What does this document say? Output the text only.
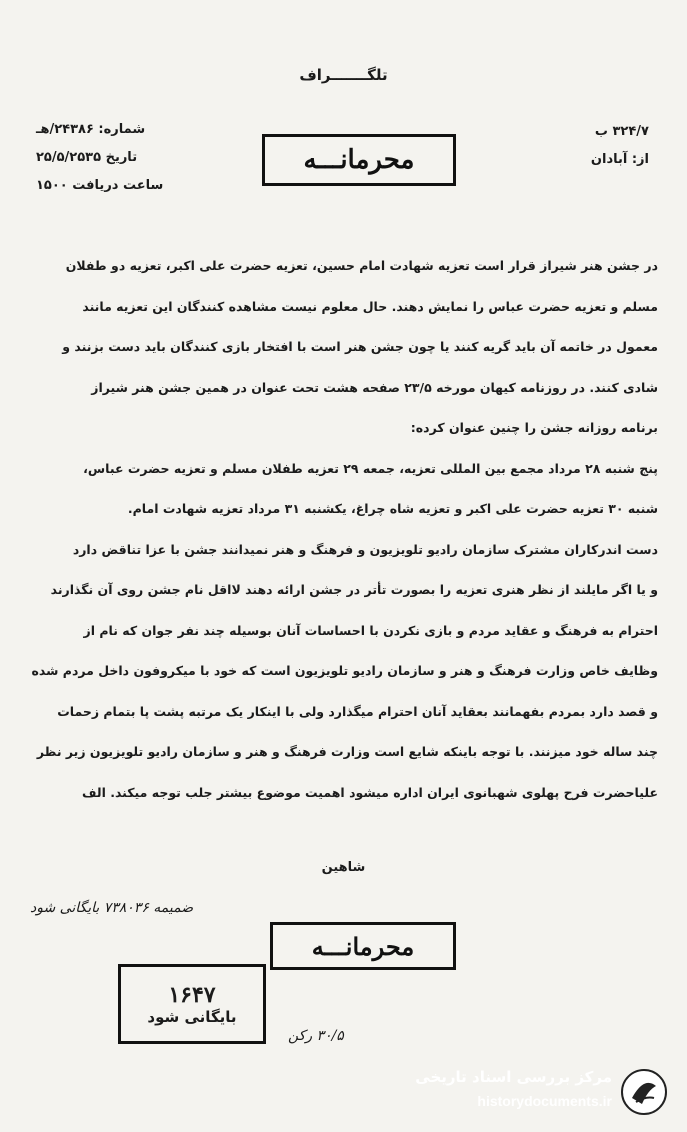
تلگـــــــراف
شماره: ۲۴۳۸۶/هـ
تاریخ ۲۵/۵/۲۵۳۵
ساعت دریافت ۱۵۰۰
۳۲۴/۷ ب
از: آبادان
محرمانـــه
در جشن هنر شیراز قرار است تعزیه شهادت امام حسین، تعزیه حضرت علی اکبر، تعزیه دو طفلان
مسلم و تعزیه حضرت عباس را نمایش دهند. حال معلوم نیست مشاهده کنندگان این تعزیه مانند
معمول در خاتمه آن باید گریه کنند یا چون جشن هنر است با افتخار بازی کنندگان باید دست بزنند و
شادی کنند. در روزنامه کیهان مورخه ۲۳/۵ صفحه هشت تحت عنوان در همین جشن هنر شیراز
برنامه روزانه جشن را چنین عنوان کرده:
پنج شنبه ۲۸ مرداد مجمع بین المللی تعزیه، جمعه ۲۹ تعزیه طفلان مسلم و تعزیه حضرت عباس،
شنبه ۳۰ تعزیه حضرت علی اکبر و تعزیه شاه چراغ، یکشنبه ۳۱ مرداد تعزیه شهادت امام.
دست اندرکاران مشترک سازمان رادیو تلویزیون و فرهنگ و هنر نمیدانند جشن با عزا تناقض دارد
و یا اگر مایلند از نظر هنری تعزیه را بصورت تأتر در جشن ارائه دهند لااقل نام جشن روی آن نگذارند
احترام به فرهنگ و عقاید مردم و بازی نکردن با احساسات آنان بوسیله چند نفر جوان که نام از
وظایف خاص وزارت فرهنگ و هنر و سازمان رادیو تلویزیون است که خود با میکروفون داخل مردم شده
و قصد دارد بمردم بفهمانند بعقاید آنان احترام میگذارد ولی با اینکار یک مرتبه پشت پا بتمام زحمات
چند ساله خود میزنند. با توجه باینکه شایع است وزارت فرهنگ و هنر و سازمان رادیو تلویزیون زیر نظر
علیاحضرت فرح پهلوی شهبانوی ایران اداره میشود اهمیت موضوع بیشتر جلب توجه میکند. الف
شاهین
ضمیمه ۷۳۸۰۳۶ بایگانی شود
محرمانـــه
۱۶۴۷
بایگانی شود
۳۰/۵ رکن
مرکز بررسی اسناد تاریخی
historydocuments.ir
